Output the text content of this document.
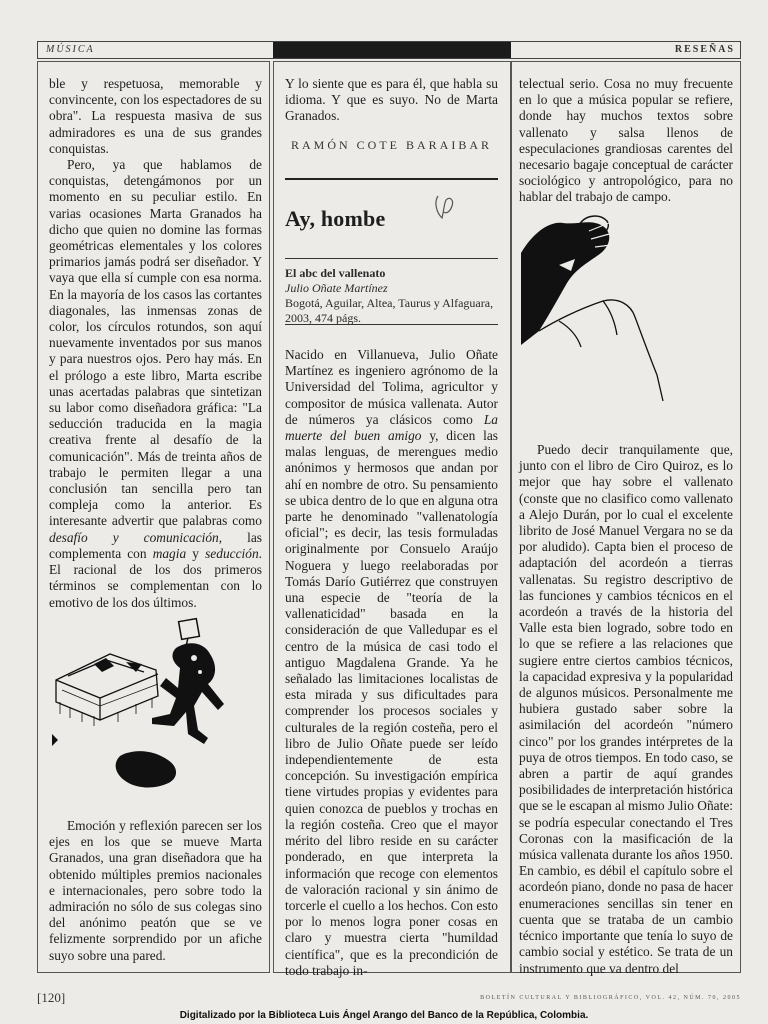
MÚSICA	RESEÑAS

ble y respetuosa, memorable y convincente, con los espectadores de su obra". La respuesta masiva de sus admiradores es una de sus grandes conquistas.

Pero, ya que hablamos de conquistas, detengámonos por un momento en su peculiar estilo. En varias ocasiones Marta Granados ha dicho que quien no domine las formas geométricas elementales y los colores primarios jamás podrá ser diseñador. Y vaya que ella sí cumple con esa norma. En la mayoría de los casos las cortantes diagonales, las inmensas zonas de color, los círculos rotundos, son aquí nuevamente inventados por sus manos y para nuestros ojos. Pero hay más. En el prólogo a este libro, Marta escribe unas acertadas palabras que sintetizan su labor como diseñadora gráfica: "La seducción traducida en la magia creativa frente al desafío de la comunicación". Más de treinta años de trabajo le permiten llegar a una conclusión tan sencilla pero tan compleja como la anterior. Es interesante advertir que palabras como desafío y comunicación, las complementa con magia y seducción. El racional de los dos primeros términos se complementan con lo emotivo de los dos últimos.

Emoción y reflexión parecen ser los ejes en los que se mueve Marta Granados, una gran diseñadora que ha obtenido múltiples premios nacionales e internacionales, pero sobre todo la admiración no sólo de sus colegas sino del anónimo peatón que se ve felizmente sorprendido por un afiche suyo sobre una pared.

Y lo siente que es para él, que habla su idioma. Y que es suyo. No de Marta Granados.

RAMÓN COTE BARAIBAR
Ay, hombe
El abc del vallenato
Julio Oñate Martínez
Bogotá, Aguilar, Altea, Taurus y Alfaguara, 2003, 474 págs.

Nacido en Villanueva, Julio Oñate Martínez es ingeniero agrónomo de la Universidad del Tolima, agricultor y compositor de música vallenata. Autor de números ya clásicos como La muerte del buen amigo y, dicen las malas lenguas, de merengues medio anónimos y hermosos que andan por ahí en nombre de otro. Su pensamiento se ubica dentro de lo que en alguna otra parte he denominado "vallenatología oficial"; es decir, las tesis formuladas originalmente por Consuelo Araújo Noguera y luego reelaboradas por Tomás Darío Gutiérrez que construyen una especie de "teoría de la vallenaticidad" basada en la consideración de que Valledupar es el centro de la música de casi todo el antiguo Magdalena Grande. Ya he señalado las limitaciones localistas de esta mirada y sus dificultades para comprender los procesos sociales y culturales de la región costeña, pero el libro de Julio Oñate puede ser leído independientemente de esta concepción. Su investigación empírica tiene virtudes propias y evidentes para quien conozca de pueblos y trochas en la región costeña. Creo que el mayor mérito del libro reside en su carácter ponderado, en que interpreta la información que recoge con elementos de valoración racional y sin ánimo de torcerle el cuello a los hechos. Con esto por lo menos logra poner cosas en claro y muestra cierta "humildad científica", que es la precondición de todo trabajo in-

telectual serio. Cosa no muy frecuente en lo que a música popular se refiere, donde hay muchos textos sobre vallenato y salsa llenos de especulaciones grandiosas carentes del necesario bagaje conceptual de carácter sociológico y antropológico, para no hablar del trabajo de campo.

Puedo decir tranquilamente que, junto con el libro de Ciro Quiroz, es lo mejor que hay sobre el vallenato (conste que no clasifico como vallenato a Alejo Durán, por lo cual el excelente librito de José Manuel Vergara no se da por aludido). Capta bien el proceso de adaptación del acordeón a tierras vallenatas. Su registro descriptivo de las funciones y cambios técnicos en el acordeón a través de la historia del Valle esta bien logrado, sobre todo en lo que se refiere a las relaciones que sugiere entre ciertos cambios técnicos, la capacidad expresiva y la popularidad de algunos músicos. Personalmente me hubiera gustado saber sobre la asimilación del acordeón "número cinco" por los grandes intérpretes de la puya de otros tiempos. En todo caso, se abren a partir de aquí grandes posibilidades de interpretación histórica que se le escapan al mismo Julio Oñate: se podría especular conectando el Tres Coronas con la masificación de la música vallenata durante los años 1950. En cambio, es débil el capítulo sobre el acordeón piano, donde no pasa de hacer enumeraciones sencillas sin tener en cuenta que se trataba de un cambio técnico importante que tenía lo suyo de cambio social y estético. Se trata de un instrumento que va dentro del

[120]	BOLETÍN CULTURAL Y BIBLIOGRÁFICO, VOL. 42, NÚM. 70, 2005
Digitalizado por la Biblioteca Luis Ángel Arango del Banco de la República, Colombia.
